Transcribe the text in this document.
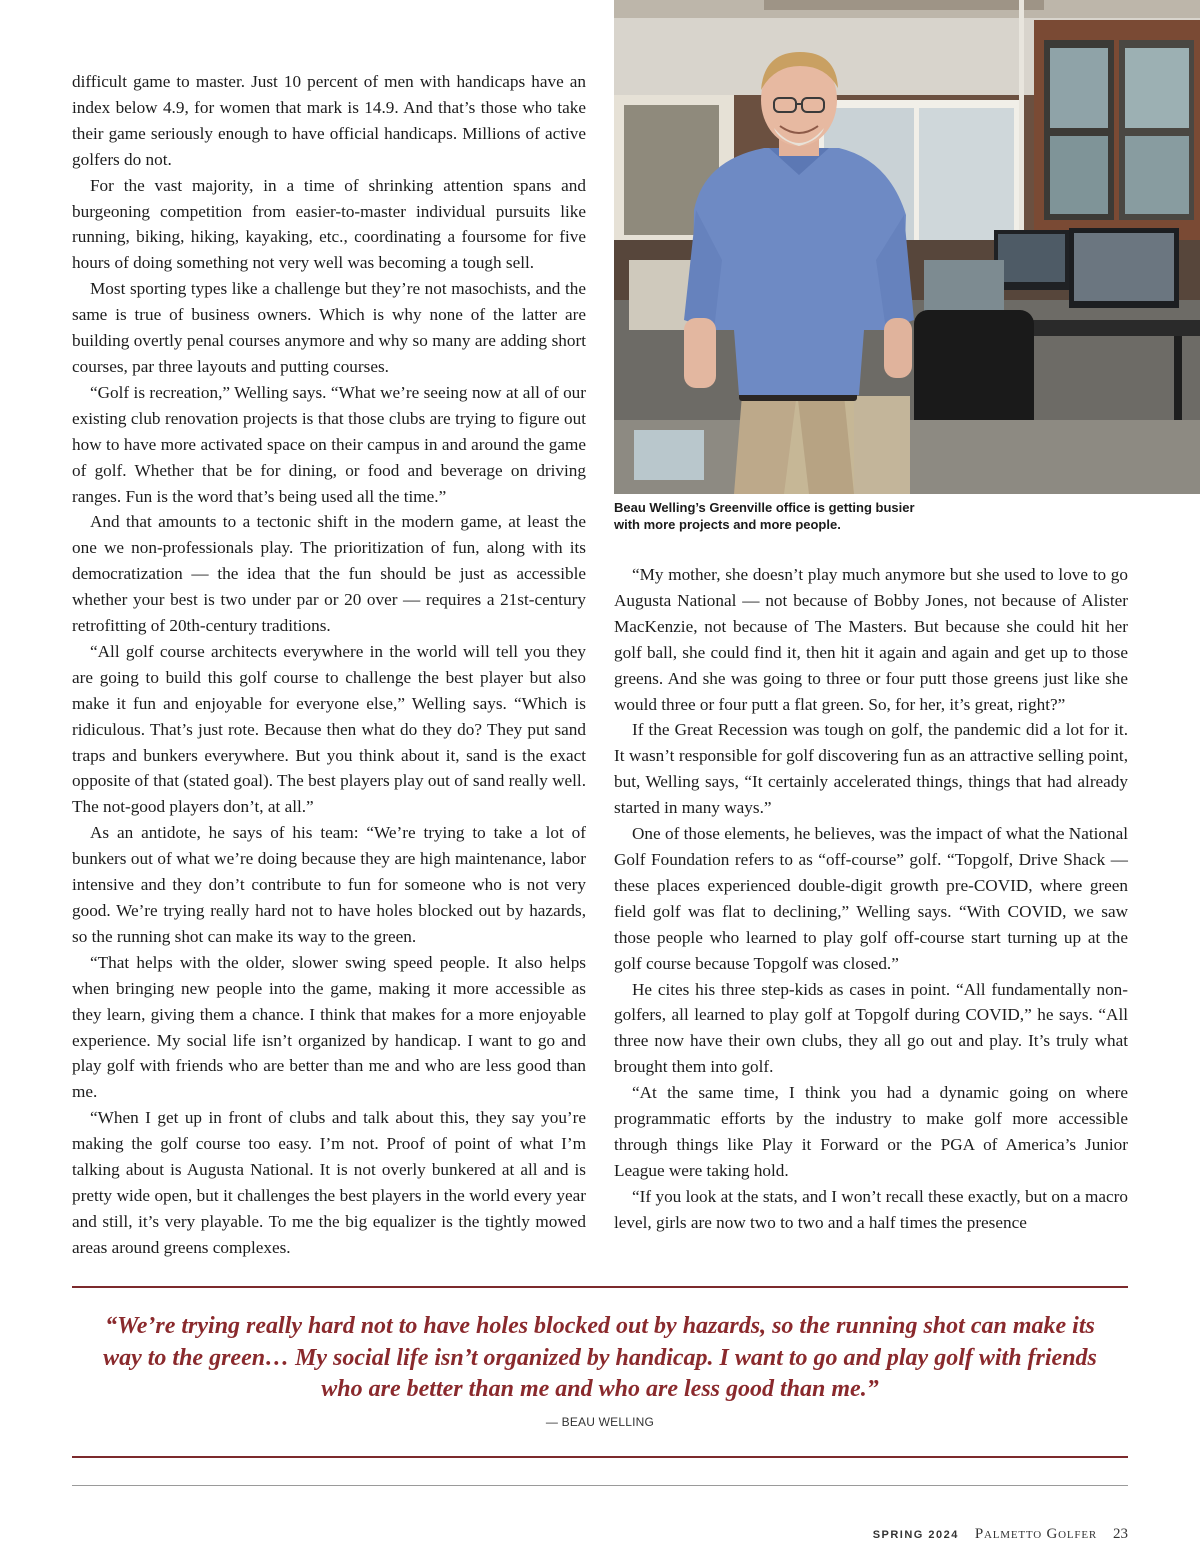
difficult game to master. Just 10 percent of men with handicaps have an index below 4.9, for women that mark is 14.9. And that’s those who take their game seriously enough to have official handicaps. Millions of active golfers do not.

For the vast majority, in a time of shrinking attention spans and burgeoning competition from easier-to-master individual pursuits like running, biking, hiking, kayaking, etc., coordinating a foursome for five hours of doing something not very well was becoming a tough sell.

Most sporting types like a challenge but they’re not masochists, and the same is true of business owners. Which is why none of the latter are building overtly penal courses anymore and why so many are adding short courses, par three layouts and putting courses.

“Golf is recreation,” Welling says. “What we’re seeing now at all of our existing club renovation projects is that those clubs are trying to figure out how to have more activated space on their campus in and around the game of golf. Whether that be for dining, or food and beverage on driving ranges. Fun is the word that’s being used all the time.”

And that amounts to a tectonic shift in the modern game, at least the one we non-professionals play. The prioritization of fun, along with its democratization — the idea that the fun should be just as accessible whether your best is two under par or 20 over — requires a 21st-century retrofitting of 20th-century traditions.

“All golf course architects everywhere in the world will tell you they are going to build this golf course to challenge the best player but also make it fun and enjoyable for everyone else,” Welling says. “Which is ridiculous. That’s just rote. Because then what do they do? They put sand traps and bunkers everywhere. But you think about it, sand is the exact opposite of that (stated goal). The best players play out of sand really well. The not-good players don’t, at all.”

As an antidote, he says of his team: “We’re trying to take a lot of bunkers out of what we’re doing because they are high maintenance, labor intensive and they don’t contribute to fun for someone who is not very good. We’re trying really hard not to have holes blocked out by hazards, so the running shot can make its way to the green.

“That helps with the older, slower swing speed people. It also helps when bringing new people into the game, making it more accessible as they learn, giving them a chance. I think that makes for a more enjoyable experience. My social life isn’t organized by handicap. I want to go and play golf with friends who are better than me and who are less good than me.

“When I get up in front of clubs and talk about this, they say you’re making the golf course too easy. I’m not. Proof of point of what I’m talking about is Augusta National. It is not overly bunkered at all and is pretty wide open, but it challenges the best players in the world every year and still, it’s very playable. To me the big equalizer is the tightly mowed areas around greens complexes.

Beau Welling’s Greenville office is getting busier with more projects and more people.

“My mother, she doesn’t play much anymore but she used to love to go Augusta National — not because of Bobby Jones, not because of Alister MacKenzie, not because of The Masters. But because she could hit her golf ball, she could find it, then hit it again and again and get up to those greens. And she was going to three or four putt those greens just like she would three or four putt a flat green. So, for her, it’s great, right?”

If the Great Recession was tough on golf, the pandemic did a lot for it. It wasn’t responsible for golf discovering fun as an attractive selling point, but, Welling says, “It certainly accelerated things, things that had already started in many ways.”

One of those elements, he believes, was the impact of what the National Golf Foundation refers to as “off-course” golf. “Topgolf, Drive Shack — these places experienced double-digit growth pre-COVID, where green field golf was flat to declining,” Welling says. “With COVID, we saw those people who learned to play golf off-course start turning up at the golf course because Topgolf was closed.”

He cites his three step-kids as cases in point. “All fundamentally non-golfers, all learned to play golf at Topgolf during COVID,” he says. “All three now have their own clubs, they all go out and play. It’s truly what brought them into golf.

“At the same time, I think you had a dynamic going on where programmatic efforts by the industry to make golf more accessible through things like Play it Forward or the PGA of America’s Junior League were taking hold.

“If you look at the stats, and I won’t recall these exactly, but on a macro level, girls are now two to two and a half times the presence

“We’re trying really hard not to have holes blocked out by hazards, so the running shot can make its way to the green… My social life isn’t organized by handicap. I want to go and play golf with friends who are better than me and who are less good than me.”
— BEAU WELLING
SPRING 2024 Palmetto Golfer 23
